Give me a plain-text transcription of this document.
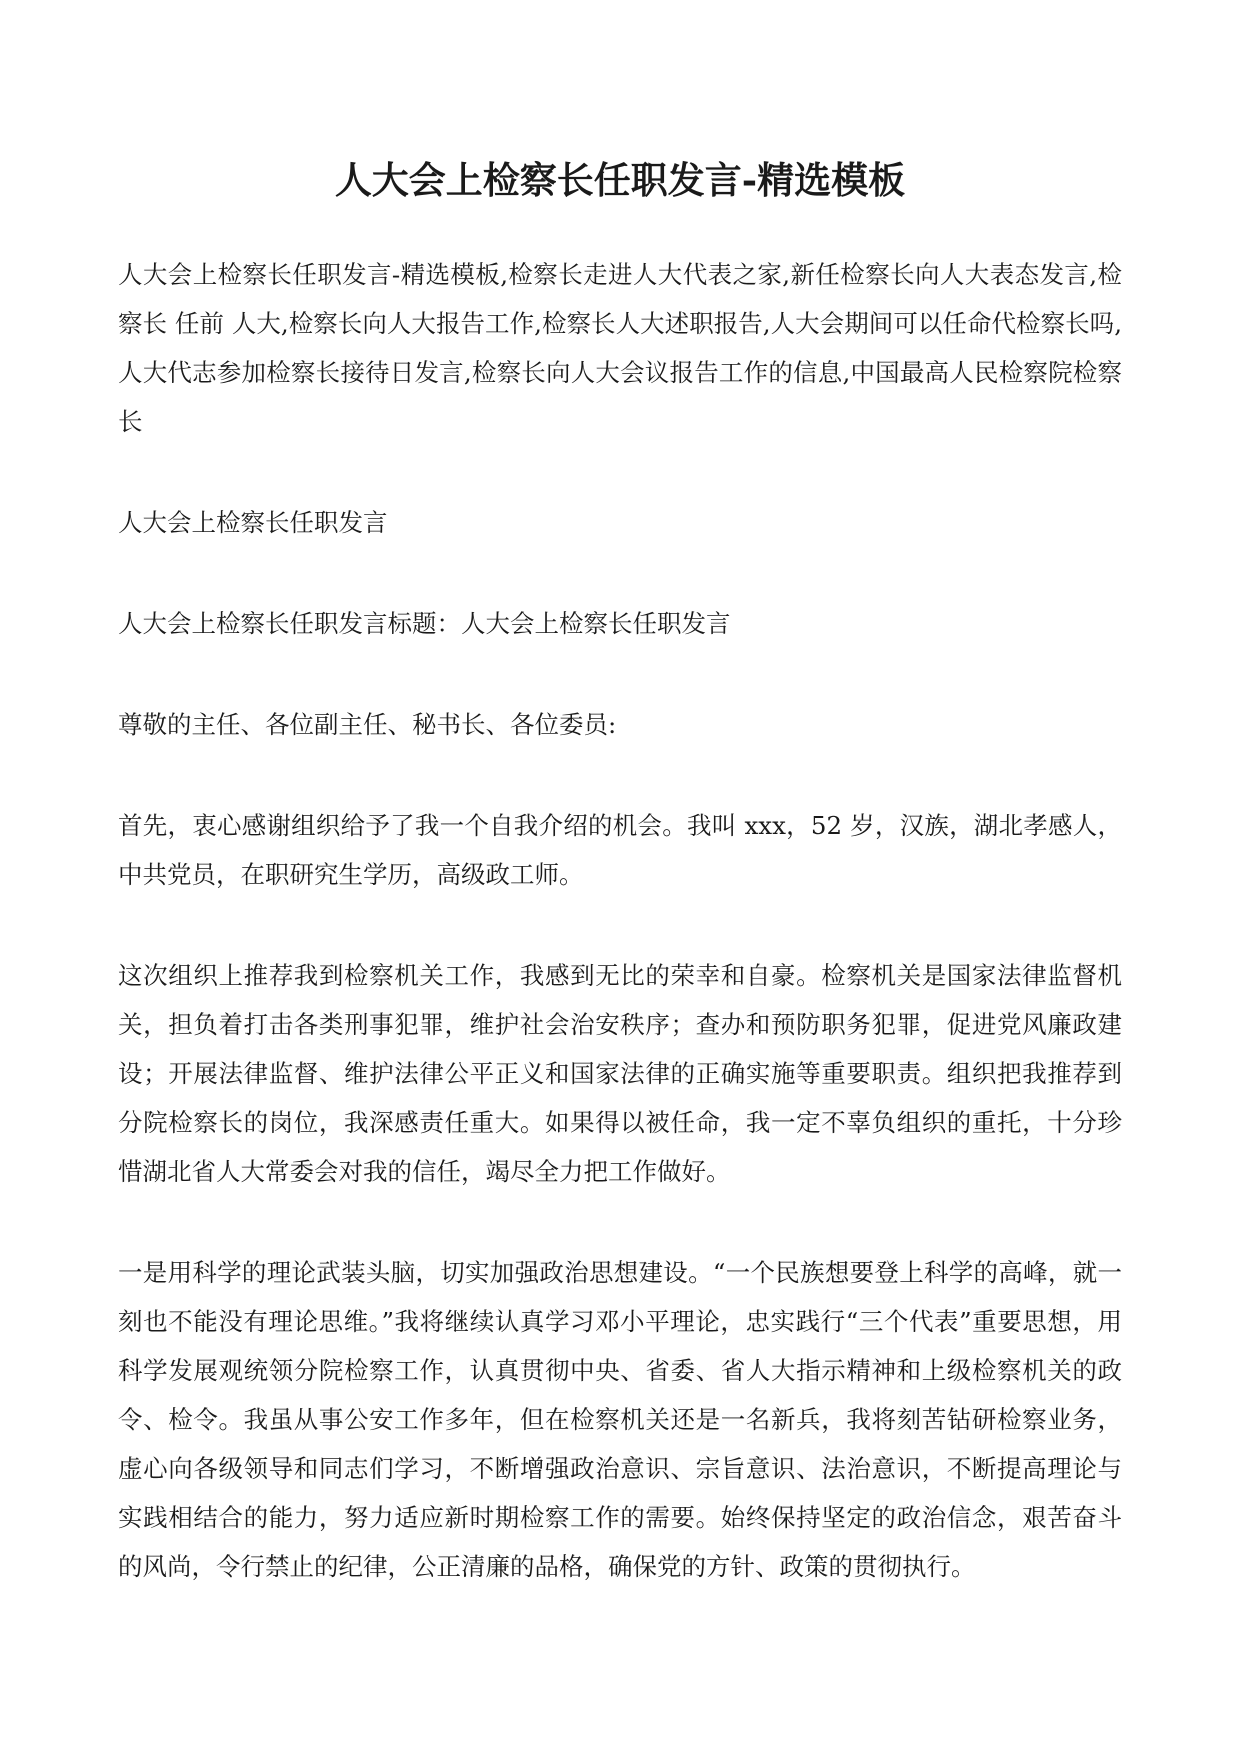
人大会上检察长任职发言-精选模板

人大会上检察长任职发言-精选模板,检察长走进人大代表之家,新任检察长向人大表态发言,检察长 任前 人大,检察长向人大报告工作,检察长人大述职报告,人大会期间可以任命代检察长吗,人大代志参加检察长接待日发言,检察长向人大会议报告工作的信息,中国最高人民检察院检察长

人大会上检察长任职发言

人大会上检察长任职发言标题：人大会上检察长任职发言

尊敬的主任、各位副主任、秘书长、各位委员:

首先，衷心感谢组织给予了我一个自我介绍的机会。我叫 xxx，52 岁，汉族，湖北孝感人，中共党员，在职研究生学历，高级政工师。

这次组织上推荐我到检察机关工作，我感到无比的荣幸和自豪。检察机关是国家法律监督机关，担负着打击各类刑事犯罪，维护社会治安秩序；查办和预防职务犯罪，促进党风廉政建设；开展法律监督、维护法律公平正义和国家法律的正确实施等重要职责。组织把我推荐到分院检察长的岗位，我深感责任重大。如果得以被任命，我一定不辜负组织的重托，十分珍惜湖北省人大常委会对我的信任，竭尽全力把工作做好。

一是用科学的理论武装头脑，切实加强政治思想建设。“一个民族想要登上科学的高峰，就一刻也不能没有理论思维。”我将继续认真学习邓小平理论，忠实践行“三个代表”重要思想，用科学发展观统领分院检察工作，认真贯彻中央、省委、省人大指示精神和上级检察机关的政令、检令。我虽从事公安工作多年，但在检察机关还是一名新兵，我将刻苦钻研检察业务，虚心向各级领导和同志们学习，不断增强政治意识、宗旨意识、法治意识，不断提高理论与实践相结合的能力，努力适应新时期检察工作的需要。始终保持坚定的政治信念，艰苦奋斗的风尚，令行禁止的纪律，公正清廉的品格，确保党的方针、政策的贯彻执行。
